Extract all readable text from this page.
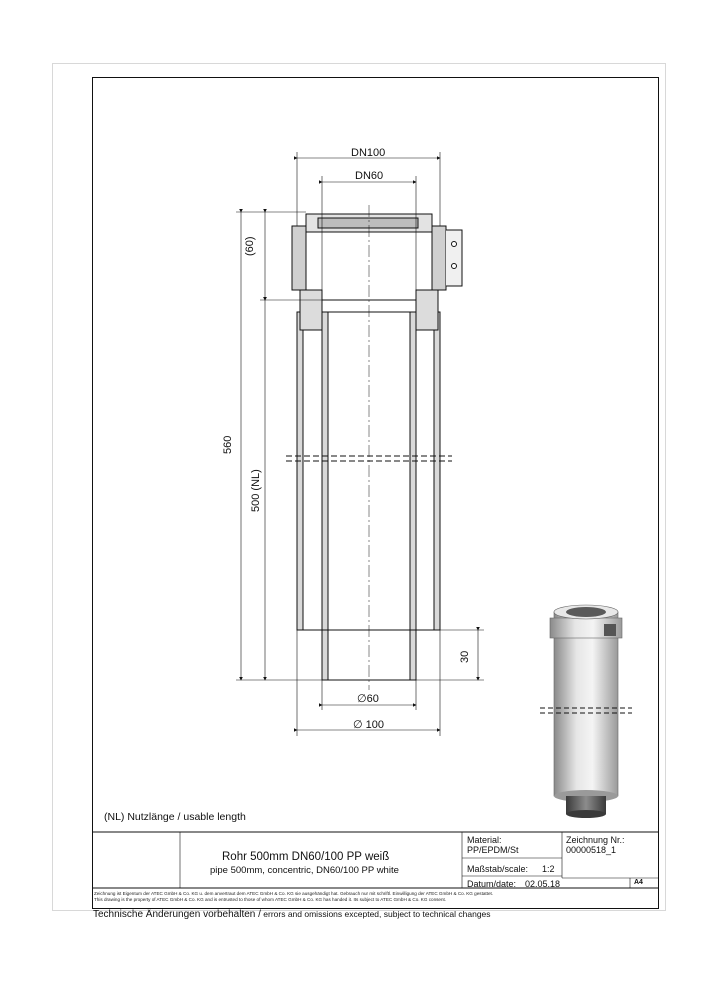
DN100
DN60
(60)
560
500 (NL)
30
∅60
∅ 100
(NL) Nutzlänge / usable length
Rohr 500mm DN60/100 PP weiß
pipe 500mm, concentric, DN60/100 PP white
Material:
PP/EPDM/St
Maßstab/scale: 1:2
Datum/date: 02.05.18
Zeichnung Nr.:
00000518_1
A4
Zeichnung ist Eigentum der ATEC GmbH & Co. KG u. dem anvertraut dem ATEC GmbH & Co. KG sie ausgehändigt hat. Gebrauch nur mit schriftl. Einwilligung der ATEC GmbH & Co. KG gestattet.
This drawing is the property of ATEC GmbH & Co. KG and is entrusted to those of whom ATEC GmbH & Co. KG has handed it. Its subject to ATEC GmbH & Co. KG consent.
Technische Änderungen vorbehalten / errors and omissions excepted, subject to technical changes
